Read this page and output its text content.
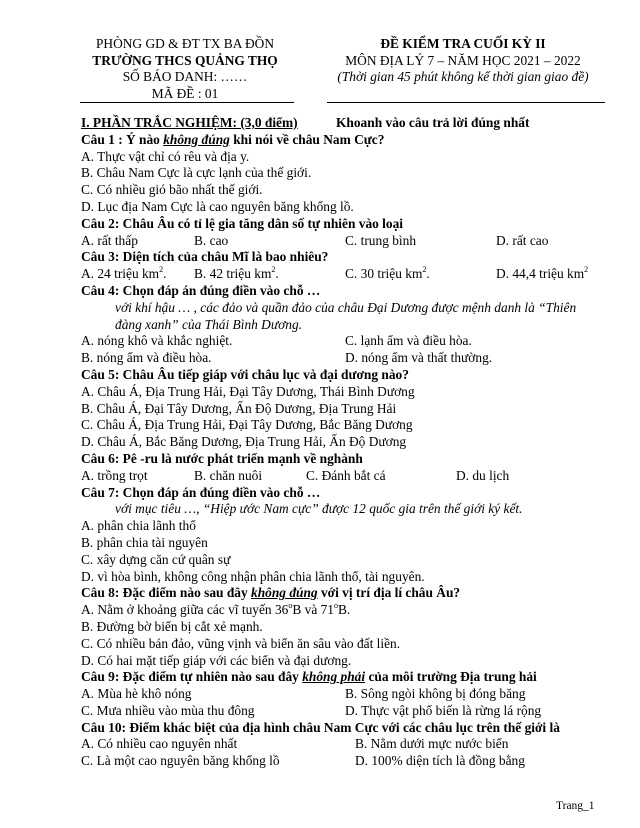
PHÒNG GD & ĐT TX BA ĐỒN
TRƯỜNG THCS QUẢNG THỌ
SỐ BÁO DANH: ……
MÃ ĐỀ : 01
ĐỀ KIỂM TRA CUỐI KỲ II
MÔN ĐỊA LÝ 7 – NĂM HỌC 2021 – 2022
(Thời gian 45 phút không kể thời gian giao đề)
I. PHẦN TRẮC NGHIỆM: (3,0 điểm)	Khoanh vào câu trả lời đúng nhất
Câu 1 : Ý nào không đúng khi nói về châu Nam Cực?
A. Thực vật chỉ có rêu và địa y.
B. Châu Nam Cực là cực lạnh của thế giới.
C. Có nhiều gió bão nhất thế giới.
D. Lục địa Nam Cực là cao nguyên băng khổng lồ.
Câu 2: Châu Âu có tỉ lệ gia tăng dân số tự nhiên vào loại
A. rất thấp	B. cao	C. trung bình	D. rất cao
Câu 3: Diện tích của châu Mĩ là bao nhiêu?
A. 24 triệu $km^2$. B. 42 triệu $km^2$.	C. 30 triệu $km^2$.	D. 44,4 triệu $km^2$
Câu 4: Chọn đáp án đúng điền vào chỗ …
với khí hậu … , các đảo và quần đảo của châu Đại Dương được mệnh danh là “Thiên đàng xanh” của Thái Bình Dương.
A. nóng khô và khắc nghiệt.	C. lạnh ẩm và điều hòa.
B. nóng ẩm và điều hòa.	D. nóng ẩm và thất thường.
Câu 5: Châu Âu tiếp giáp với châu lục và đại dương nào?
A. Châu Á, Địa Trung Hải, Đại Tây Dương, Thái Bình Dương
B. Châu Á, Đại Tây Dương, Ấn Độ Dương, Địa Trung Hải
C. Châu Á, Địa Trung Hải, Đại Tây Dương, Bắc Băng Dương
D. Châu Á, Bắc Băng Dương, Địa Trung Hải, Ấn Độ Dương
Câu 6: Pê -ru là nước phát triển mạnh về nghành
A. trồng trọt	B. chăn nuôi	C. Đánh bắt cá	D. du lịch
Câu 7: Chọn đáp án đúng điền vào chỗ …
với mục tiêu …, “Hiệp ước Nam cực” được 12 quốc gia trên thế giới ký kết.
A. phân chia lãnh thổ
B. phân chia tài nguyên
C. xây dựng căn cứ quân sự
D. vì hòa bình, không công nhận phân chia lãnh thổ, tài nguyên.
Câu 8: Đặc điểm nào sau đây không đúng với vị trí địa lí châu Âu?
A. Nằm ở khoảng giữa các vĩ tuyến 36$^o$B và 71$^o$B.
B. Đường bờ biển bị cắt xẻ mạnh.
C. Có nhiều bán đảo, vũng vịnh và biển ăn sâu vào đất liền.
D. Có hai mặt tiếp giáp với các biển và đại dương.
Câu 9: Đặc điểm tự nhiên nào sau đây không phải của môi trường Địa trung hải
A. Mùa hè khô nóng	B. Sông ngòi không bị đóng băng
C. Mưa nhiều vào mùa thu đông	D. Thực vật phổ biến là rừng lá rộng
Câu 10: Điểm khác biệt của địa hình châu Nam Cực với các châu lục trên thế giới là
A. Có nhiều cao nguyên nhất	B. Nằm dưới mực nước biển
C. Là một cao nguyên băng khổng lồ	D. 100% diện tích là đồng bằng
Trang_1
